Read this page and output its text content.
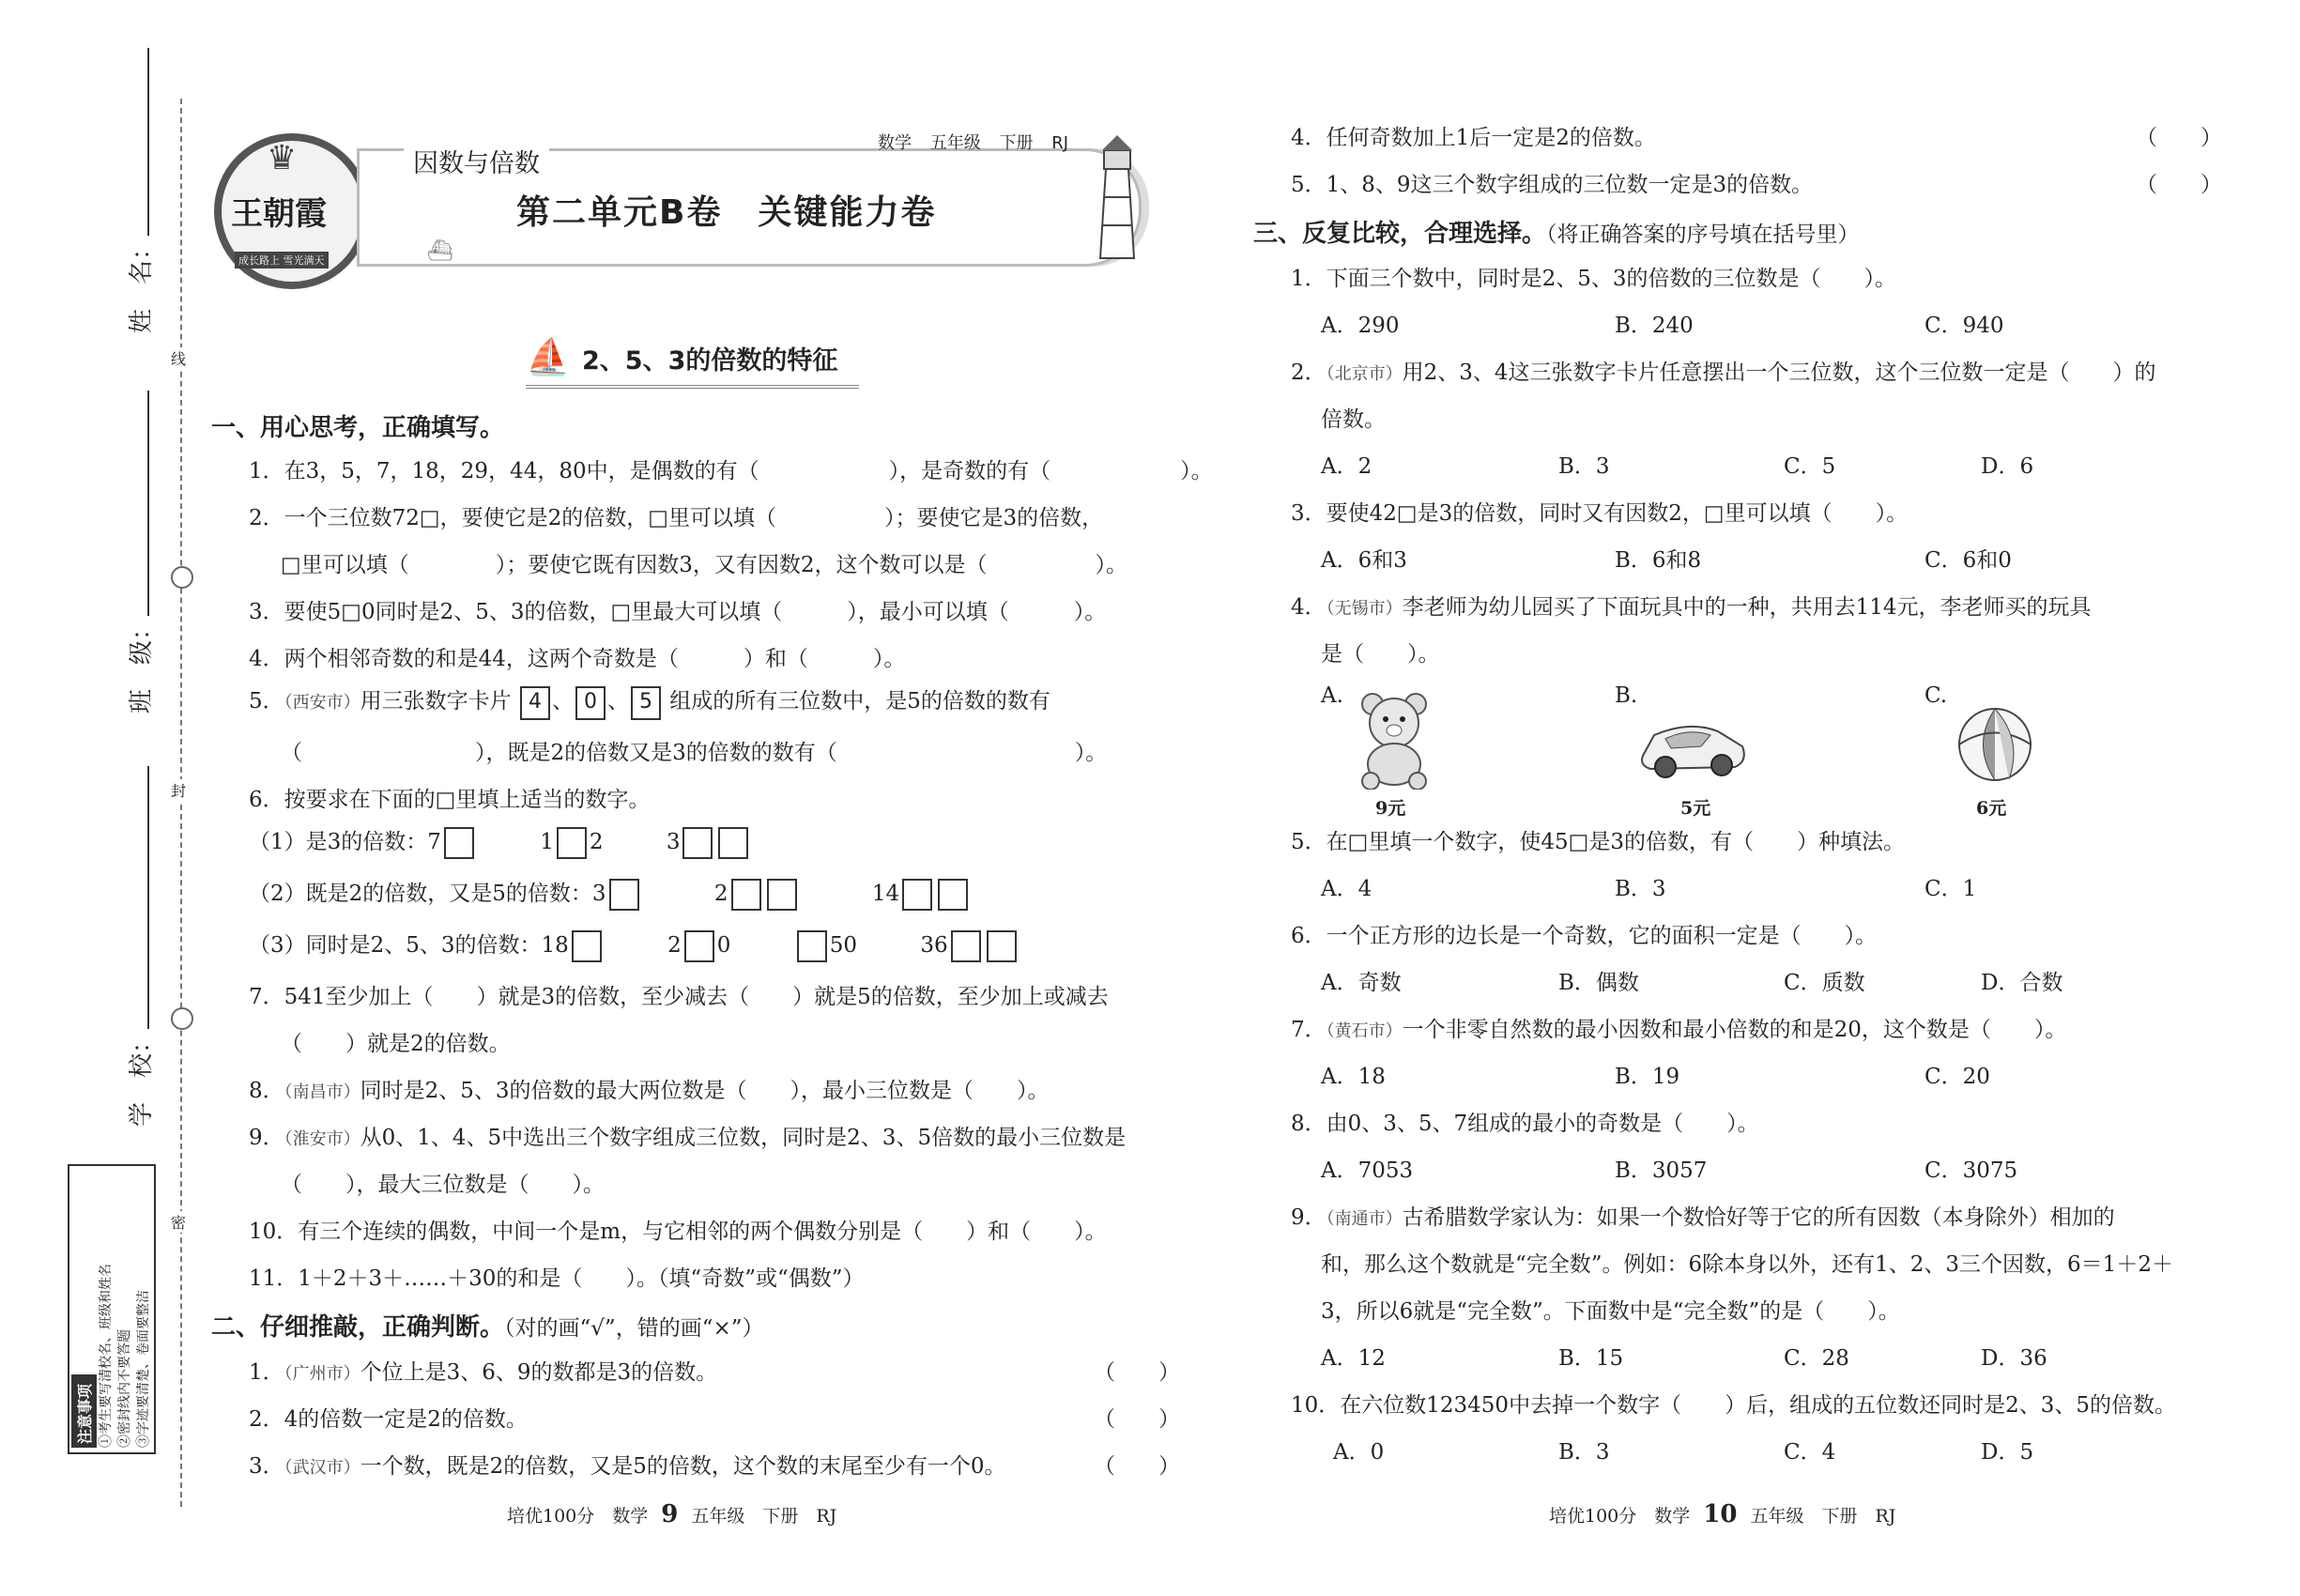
线
封
密
姓　名：
班　级：
学　校：
注意事项 ①考生要写清校名、班级和姓名 ②密封线内不要答题 ③字迹要清楚、卷面要整洁
♛
王朝霞
成长路上 雪光满天
因数与倍数
数学 五年级 下册 RJ
第二单元B卷　关键能力卷
⛴
⛵ 2、5、3的倍数的特征
一、用心思考，正确填写。
1．在3，5，7，18，29，44，80中，是偶数的有（　　　　　　），是奇数的有（　　　　　　）。
2．一个三位数72□，要使它是2的倍数，□里可以填（　　　　　）；要使它是3的倍数，
□里可以填（　　　　）；要使它既有因数3，又有因数2，这个数可以是（　　　　　）。
3．要使5□0同时是2、5、3的倍数，□里最大可以填（　　　），最小可以填（　　　）。
4．两个相邻奇数的和是44，这两个奇数是（　　　）和（　　　）。
5．（西安市）用三张数字卡片 4 、 0 、 5 组成的所有三位数中，是5的倍数的数有
（　　　　　　　　），既是2的倍数又是3的倍数的数有（　　　　　　　　　　　）。
6．按要求在下面的□里填上适当的数字。
（1）是3的倍数：7	1 2	3
（2）既是2的倍数，又是5的倍数：3	2	14
（3）同时是2、5、3的倍数：18	2 0	50	36
7．541至少加上（　　）就是3的倍数，至少减去（　　）就是5的倍数，至少加上或减去
（　　）就是2的倍数。
8．（南昌市）同时是2、5、3的倍数的最大两位数是（　　），最小三位数是（　　）。
9．（淮安市）从0、1、4、5中选出三个数字组成三位数，同时是2、3、5倍数的最小三位数是
（　　），最大三位数是（　　）。
10．有三个连续的偶数，中间一个是m，与它相邻的两个偶数分别是（　　）和（　　）。
11．1＋2＋3＋……＋30的和是（　　）。（填“奇数”或“偶数”）
二、仔细推敲，正确判断。（对的画“√”，错的画“×”）
1．（广州市）个位上是3、6、9的数都是3的倍数。	（　　）
2．4的倍数一定是2的倍数。	（　　）
3．（武汉市）一个数，既是2的倍数，又是5的倍数，这个数的末尾至少有一个0。	（　　）
培优100分　数学 9 五年级　下册　RJ
4．任何奇数加上1后一定是2的倍数。	（　　）
5．1、8、9这三个数字组成的三位数一定是3的倍数。	（　　）
三、反复比较，合理选择。（将正确答案的序号填在括号里）
1．下面三个数中，同时是2、5、3的倍数的三位数是（　　）。
A．290	B．240	C．940
2．（北京市）用2、3、4这三张数字卡片任意摆出一个三位数，这个三位数一定是（　　）的
倍数。
A．2	B．3	C．5	D．6
3．要使42□是3的倍数，同时又有因数2，□里可以填（　　）。
A．6和3	B．6和8	C．6和0
4．（无锡市）李老师为幼儿园买了下面玩具中的一种，共用去114元，李老师买的玩具
是（　　）。
A.	B.	C.
9元	5元	6元
5．在□里填一个数字，使45□是3的倍数，有（　　）种填法。
A．4	B．3	C．1
6．一个正方形的边长是一个奇数，它的面积一定是（　　）。
A．奇数	B．偶数	C．质数	D．合数
7．（黄石市）一个非零自然数的最小因数和最小倍数的和是20，这个数是（　　）。
A．18	B．19	C．20
8．由0、3、5、7组成的最小的奇数是（　　）。
A．7053	B．3057	C．3075
9．（南通市）古希腊数学家认为：如果一个数恰好等于它的所有因数（本身除外）相加的
和，那么这个数就是“完全数”。例如：6除本身以外，还有1、2、3三个因数，6＝1＋2＋
3，所以6就是“完全数”。下面数中是“完全数”的是（　　）。
A．12	B．15	C．28	D．36
10．在六位数123450中去掉一个数字（　　）后，组成的五位数还同时是2、3、5的倍数。
A．0	B．3	C．4	D．5
培优100分　数学 10 五年级　下册　RJ
